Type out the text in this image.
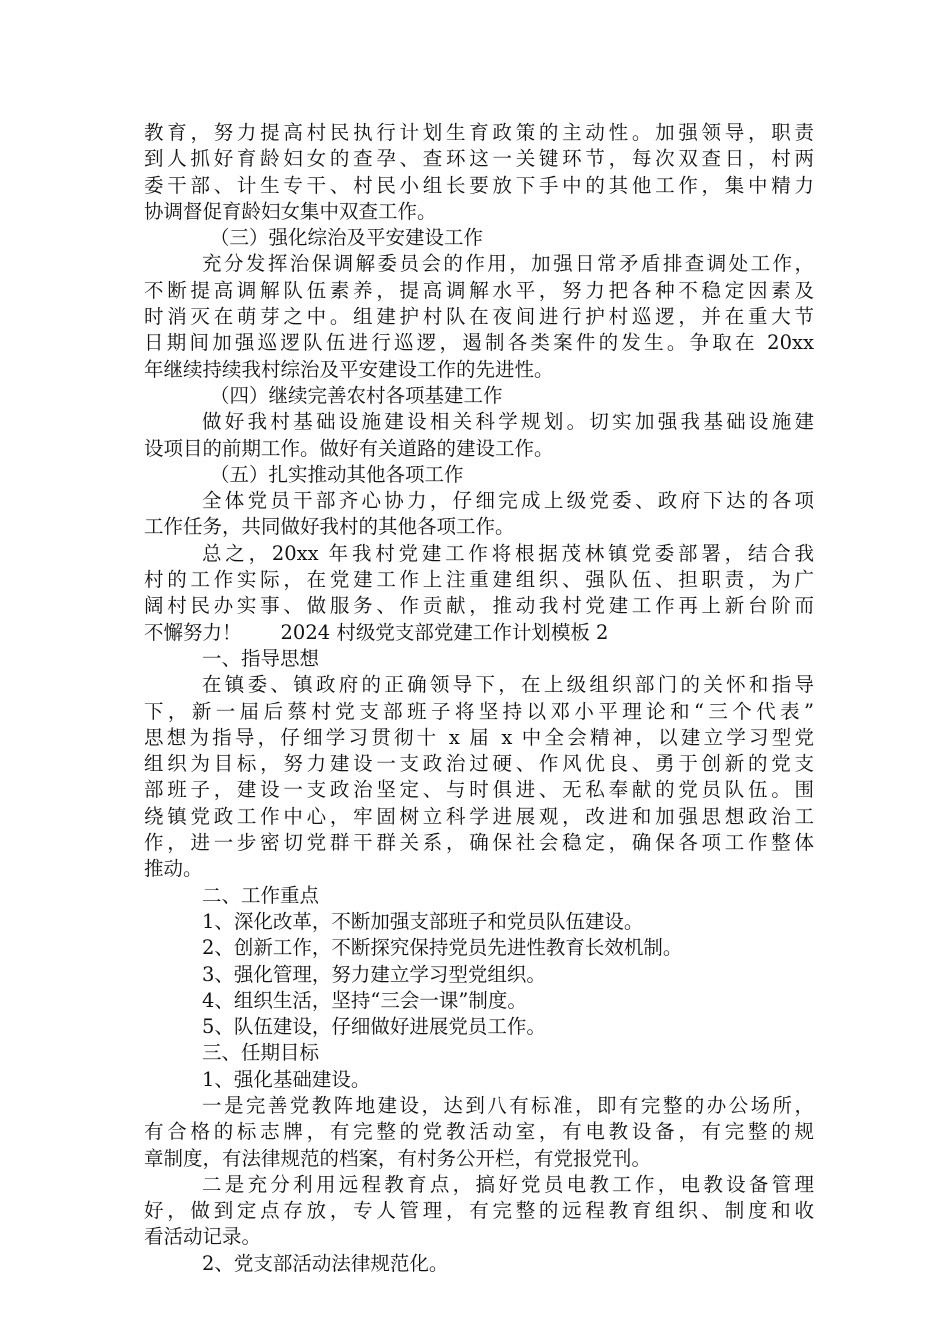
教育，努力提高村民执行计划生育政策的主动性。加强领导，职责
到人抓好育龄妇女的查孕、查环这一关键环节，每次双查日，村两
委干部、计生专干、村民小组长要放下手中的其他工作，集中精力
协调督促育龄妇女集中双查工作。
（三）强化综治及平安建设工作
充分发挥治保调解委员会的作用，加强日常矛盾排查调处工作，
不断提高调解队伍素养，提高调解水平，努力把各种不稳定因素及
时消灭在萌芽之中。组建护村队在夜间进行护村巡逻，并在重大节
日期间加强巡逻队伍进行巡逻，遏制各类案件的发生。争取在 20xx
年继续持续我村综治及平安建设工作的先进性。
（四）继续完善农村各项基建工作
做好我村基础设施建设相关科学规划。切实加强我基础设施建
设项目的前期工作。做好有关道路的建设工作。
（五）扎实推动其他各项工作
全体党员干部齐心协力，仔细完成上级党委、政府下达的各项
工作任务，共同做好我村的其他各项工作。
总之，20xx 年我村党建工作将根据茂林镇党委部署，结合我
村的工作实际，在党建工作上注重建组织、强队伍、担职责，为广
阔村民办实事、做服务、作贡献，推动我村党建工作再上新台阶而
不懈努力！　　2024 村级党支部党建工作计划模板 2
一、指导思想
在镇委、镇政府的正确领导下，在上级组织部门的关怀和指导
下，新一届后蔡村党支部班子将坚持以邓小平理论和“三个代表”
思想为指导，仔细学习贯彻十 x 届 x 中全会精神，以建立学习型党
组织为目标，努力建设一支政治过硬、作风优良、勇于创新的党支
部班子，建设一支政治坚定、与时俱进、无私奉献的党员队伍。围
绕镇党政工作中心，牢固树立科学进展观，改进和加强思想政治工
作，进一步密切党群干群关系，确保社会稳定，确保各项工作整体
推动。
二、工作重点
1、深化改革，不断加强支部班子和党员队伍建设。
2、创新工作，不断探究保持党员先进性教育长效机制。
3、强化管理，努力建立学习型党组织。
4、组织生活，坚持“三会一课”制度。
5、队伍建设，仔细做好进展党员工作。
三、任期目标
1、强化基础建设。
一是完善党教阵地建设，达到八有标准，即有完整的办公场所，
有合格的标志牌，有完整的党教活动室，有电教设备，有完整的规
章制度，有法律规范的档案，有村务公开栏，有党报党刊。
二是充分利用远程教育点，搞好党员电教工作，电教设备管理
好，做到定点存放，专人管理，有完整的远程教育组织、制度和收
看活动记录。
2、党支部活动法律规范化。
